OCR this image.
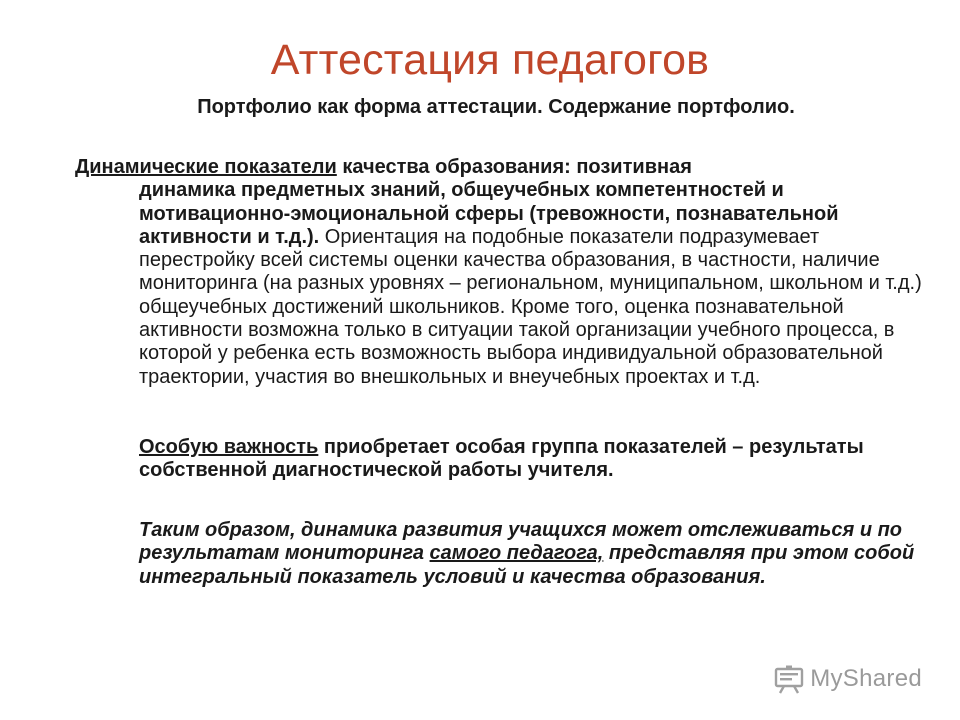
Аттестация педагогов
Портфолио как форма аттестации. Содержание портфолио.
Динамические показатели качества образования: позитивная
динамика предметных знаний, общеучебных компетентностей и мотивационно-эмоциональной сферы (тревожности, познавательной активности и т.д.). Ориентация на подобные показатели подразумевает перестройку всей системы оценки качества образования, в частности, наличие мониторинга (на разных уровнях – региональном, муниципальном, школьном и т.д.) общеучебных достижений школьников. Кроме того, оценка познавательной активности возможна только в ситуации такой организации учебного процесса, в которой у ребенка есть возможность выбора индивидуальной образовательной траектории, участия во внешкольных и внеучебных проектах и т.д.
Особую важность приобретает особая группа показателей – результаты собственной диагностической работы учителя.
Таким образом, динамика развития учащихся может отслеживаться и по результатам мониторинга самого педагога, представляя при этом собой интегральный показатель условий и качества образования.
MyShared
